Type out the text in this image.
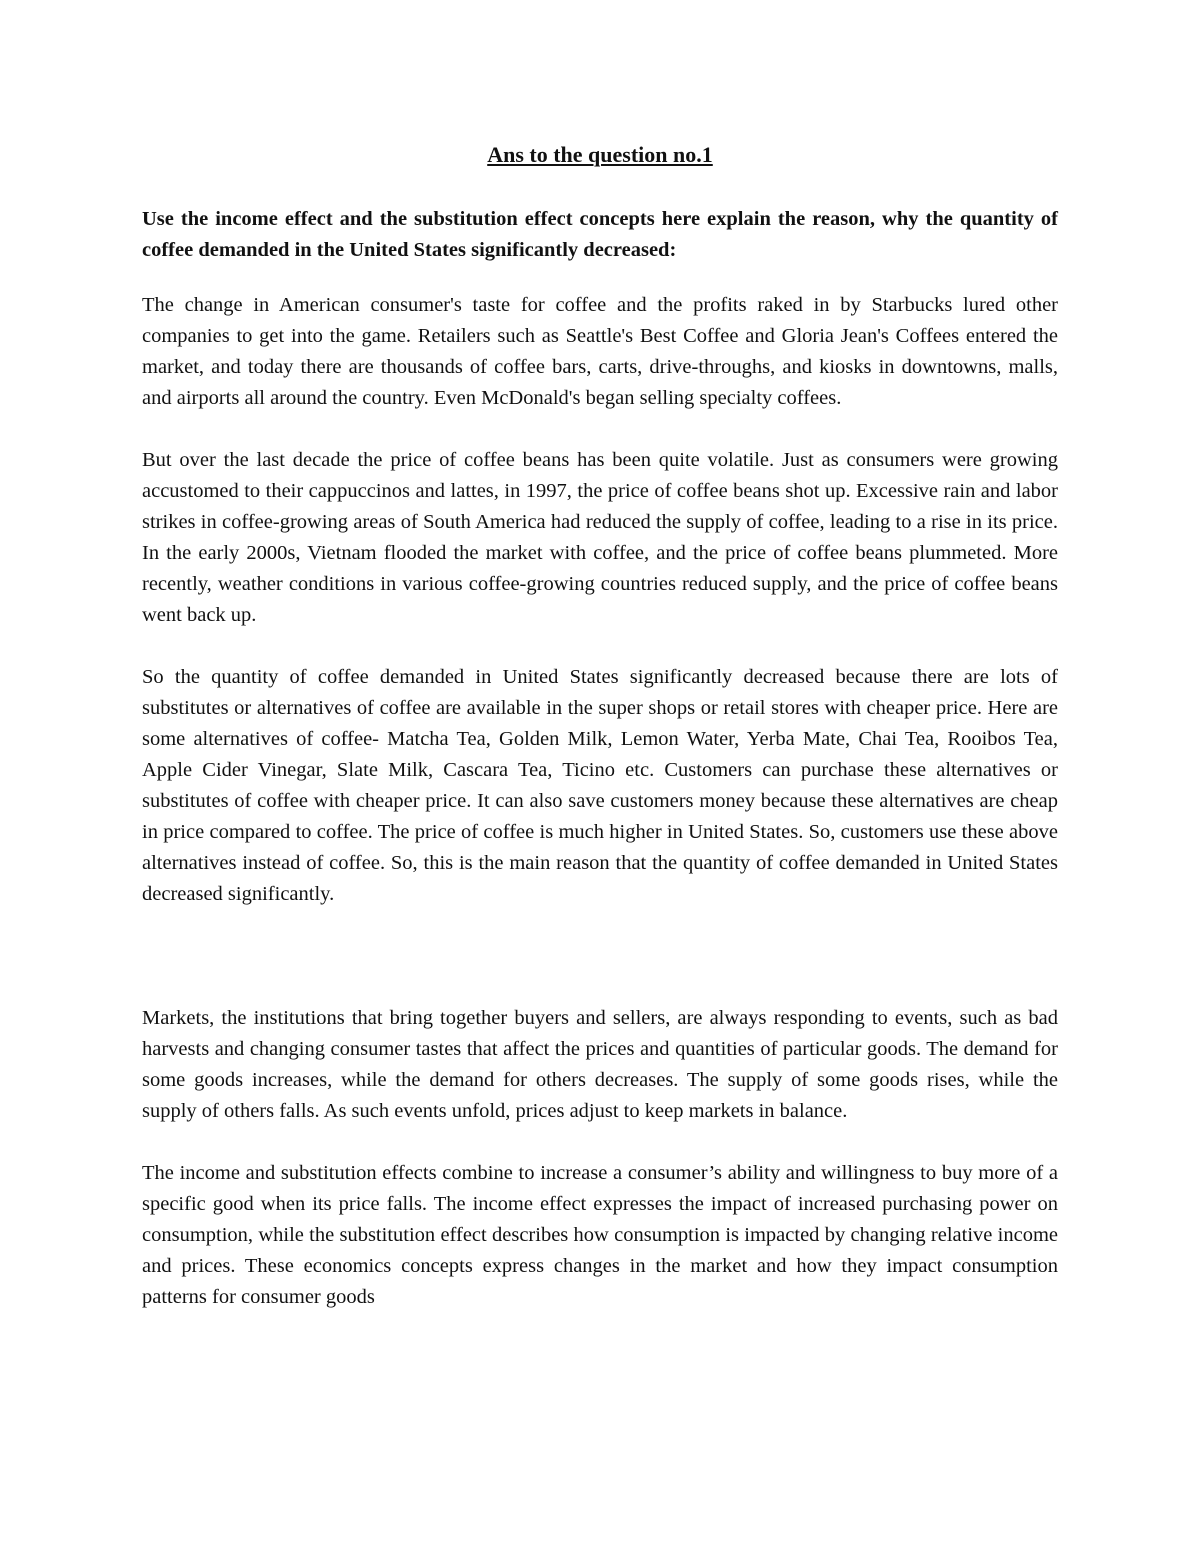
Ans to the question no.1

Use the income effect and the substitution effect concepts here explain the reason, why the quantity of coffee demanded in the United States significantly decreased:

The change in American consumer's taste for coffee and the profits raked in by Starbucks lured other companies to get into the game. Retailers such as Seattle's Best Coffee and Gloria Jean's Coffees entered the market, and today there are thousands of coffee bars, carts, drive-throughs, and kiosks in downtowns, malls, and airports all around the country. Even McDonald's began selling specialty coffees.

But over the last decade the price of coffee beans has been quite volatile. Just as consumers were growing accustomed to their cappuccinos and lattes, in 1997, the price of coffee beans shot up. Excessive rain and labor strikes in coffee-growing areas of South America had reduced the supply of coffee, leading to a rise in its price. In the early 2000s, Vietnam flooded the market with coffee, and the price of coffee beans plummeted. More recently, weather conditions in various coffee-growing countries reduced supply, and the price of coffee beans went back up.

So the quantity of coffee demanded in United States significantly decreased because there are lots of substitutes or alternatives of coffee are available in the super shops or retail stores with cheaper price. Here are some alternatives of coffee- Matcha Tea, Golden Milk, Lemon Water, Yerba Mate, Chai Tea, Rooibos Tea, Apple Cider Vinegar, Slate Milk, Cascara Tea, Ticino etc. Customers can purchase these alternatives or substitutes of coffee with cheaper price. It can also save customers money because these alternatives are cheap in price compared to coffee. The price of coffee is much higher in United States. So, customers use these above alternatives instead of coffee. So, this is the main reason that the quantity of coffee demanded in United States decreased significantly.

Markets, the institutions that bring together buyers and sellers, are always responding to events, such as bad harvests and changing consumer tastes that affect the prices and quantities of particular goods. The demand for some goods increases, while the demand for others decreases. The supply of some goods rises, while the supply of others falls. As such events unfold, prices adjust to keep markets in balance.

The income and substitution effects combine to increase a consumer’s ability and willingness to buy more of a specific good when its price falls. The income effect expresses the impact of increased purchasing power on consumption, while the substitution effect describes how consumption is impacted by changing relative income and prices. These economics concepts express changes in the market and how they impact consumption patterns for consumer goods
